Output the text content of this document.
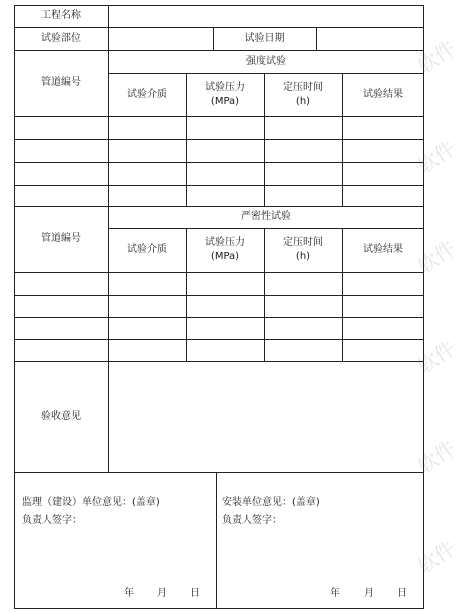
软件
软件
软件
软件
软件
软件
工程名称
试验部位	试验日期
管道编号
强度试验
试验介质
试验压力
(MPa)
定压时间
(h)
试验结果
管道编号
严密性试验
试验介质
试验压力
(MPa)
定压时间
(h)
试验结果
验收意见
监理（建设）单位意见：(盖章)
负责人签字：
年 月 日
安装单位意见：(盖章)
负责人签字：
年 月 日
